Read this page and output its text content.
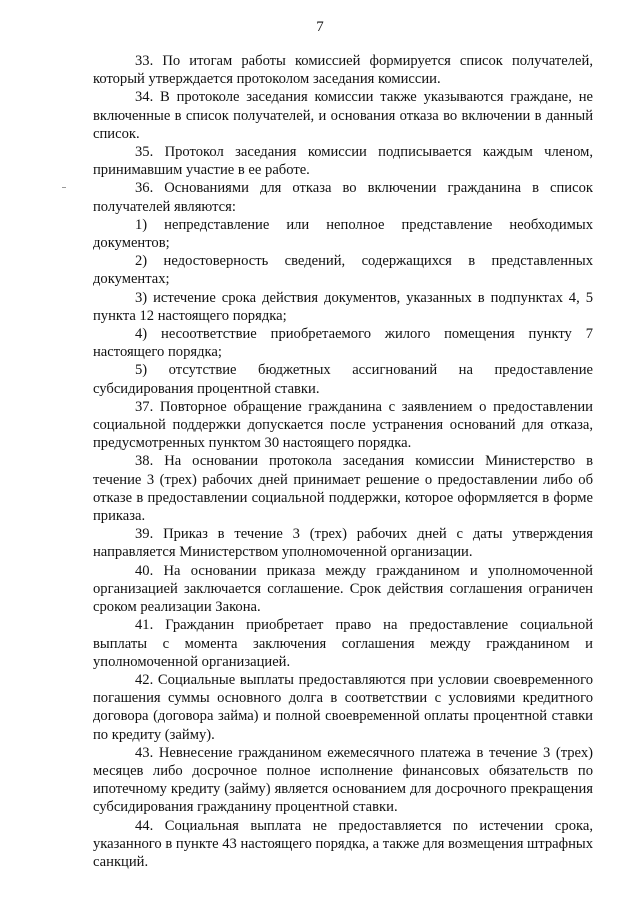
7

33. По итогам работы комиссией формируется список получателей, который утверждается протоколом заседания комиссии.

34. В протоколе заседания комиссии также указываются граждане, не включенные в список получателей, и основания отказа во включении в данный список.

35. Протокол заседания комиссии подписывается каждым членом, принимавшим участие в ее работе.

36. Основаниями для отказа во включении гражданина в список получателей являются:

1) непредставление или неполное представление необходимых документов;

2) недостоверность сведений, содержащихся в представленных документах;

3) истечение срока действия документов, указанных в подпунктах 4, 5 пункта 12 настоящего порядка;

4) несоответствие приобретаемого жилого помещения пункту 7 настоящего порядка;

5) отсутствие бюджетных ассигнований на предоставление субсидирования процентной ставки.

37. Повторное обращение гражданина с заявлением о предоставлении социальной поддержки допускается после устранения оснований для отказа, предусмотренных пунктом 30 настоящего порядка.

38. На основании протокола заседания комиссии Министерство в течение 3 (трех) рабочих дней принимает решение о предоставлении либо об отказе в предоставлении социальной поддержки, которое оформляется в форме приказа.

39. Приказ в течение 3 (трех) рабочих дней с даты утверждения направляется Министерством уполномоченной организации.

40. На основании приказа между гражданином и уполномоченной организацией заключается соглашение. Срок действия соглашения ограничен сроком реализации Закона.

41. Гражданин приобретает право на предоставление социальной выплаты с момента заключения соглашения между гражданином и уполномоченной организацией.

42. Социальные выплаты предоставляются при условии своевременного погашения суммы основного долга в соответствии с условиями кредитного договора (договора займа) и полной своевременной оплаты процентной ставки по кредиту (займу).

43. Невнесение гражданином ежемесячного платежа в течение 3 (трех) месяцев либо досрочное полное исполнение финансовых обязательств по ипотечному кредиту (займу) является основанием для досрочного прекращения субсидирования гражданину процентной ставки.

44. Социальная выплата не предоставляется по истечении срока, указанного в пункте 43 настоящего порядка, а также для возмещения штрафных санкций.
